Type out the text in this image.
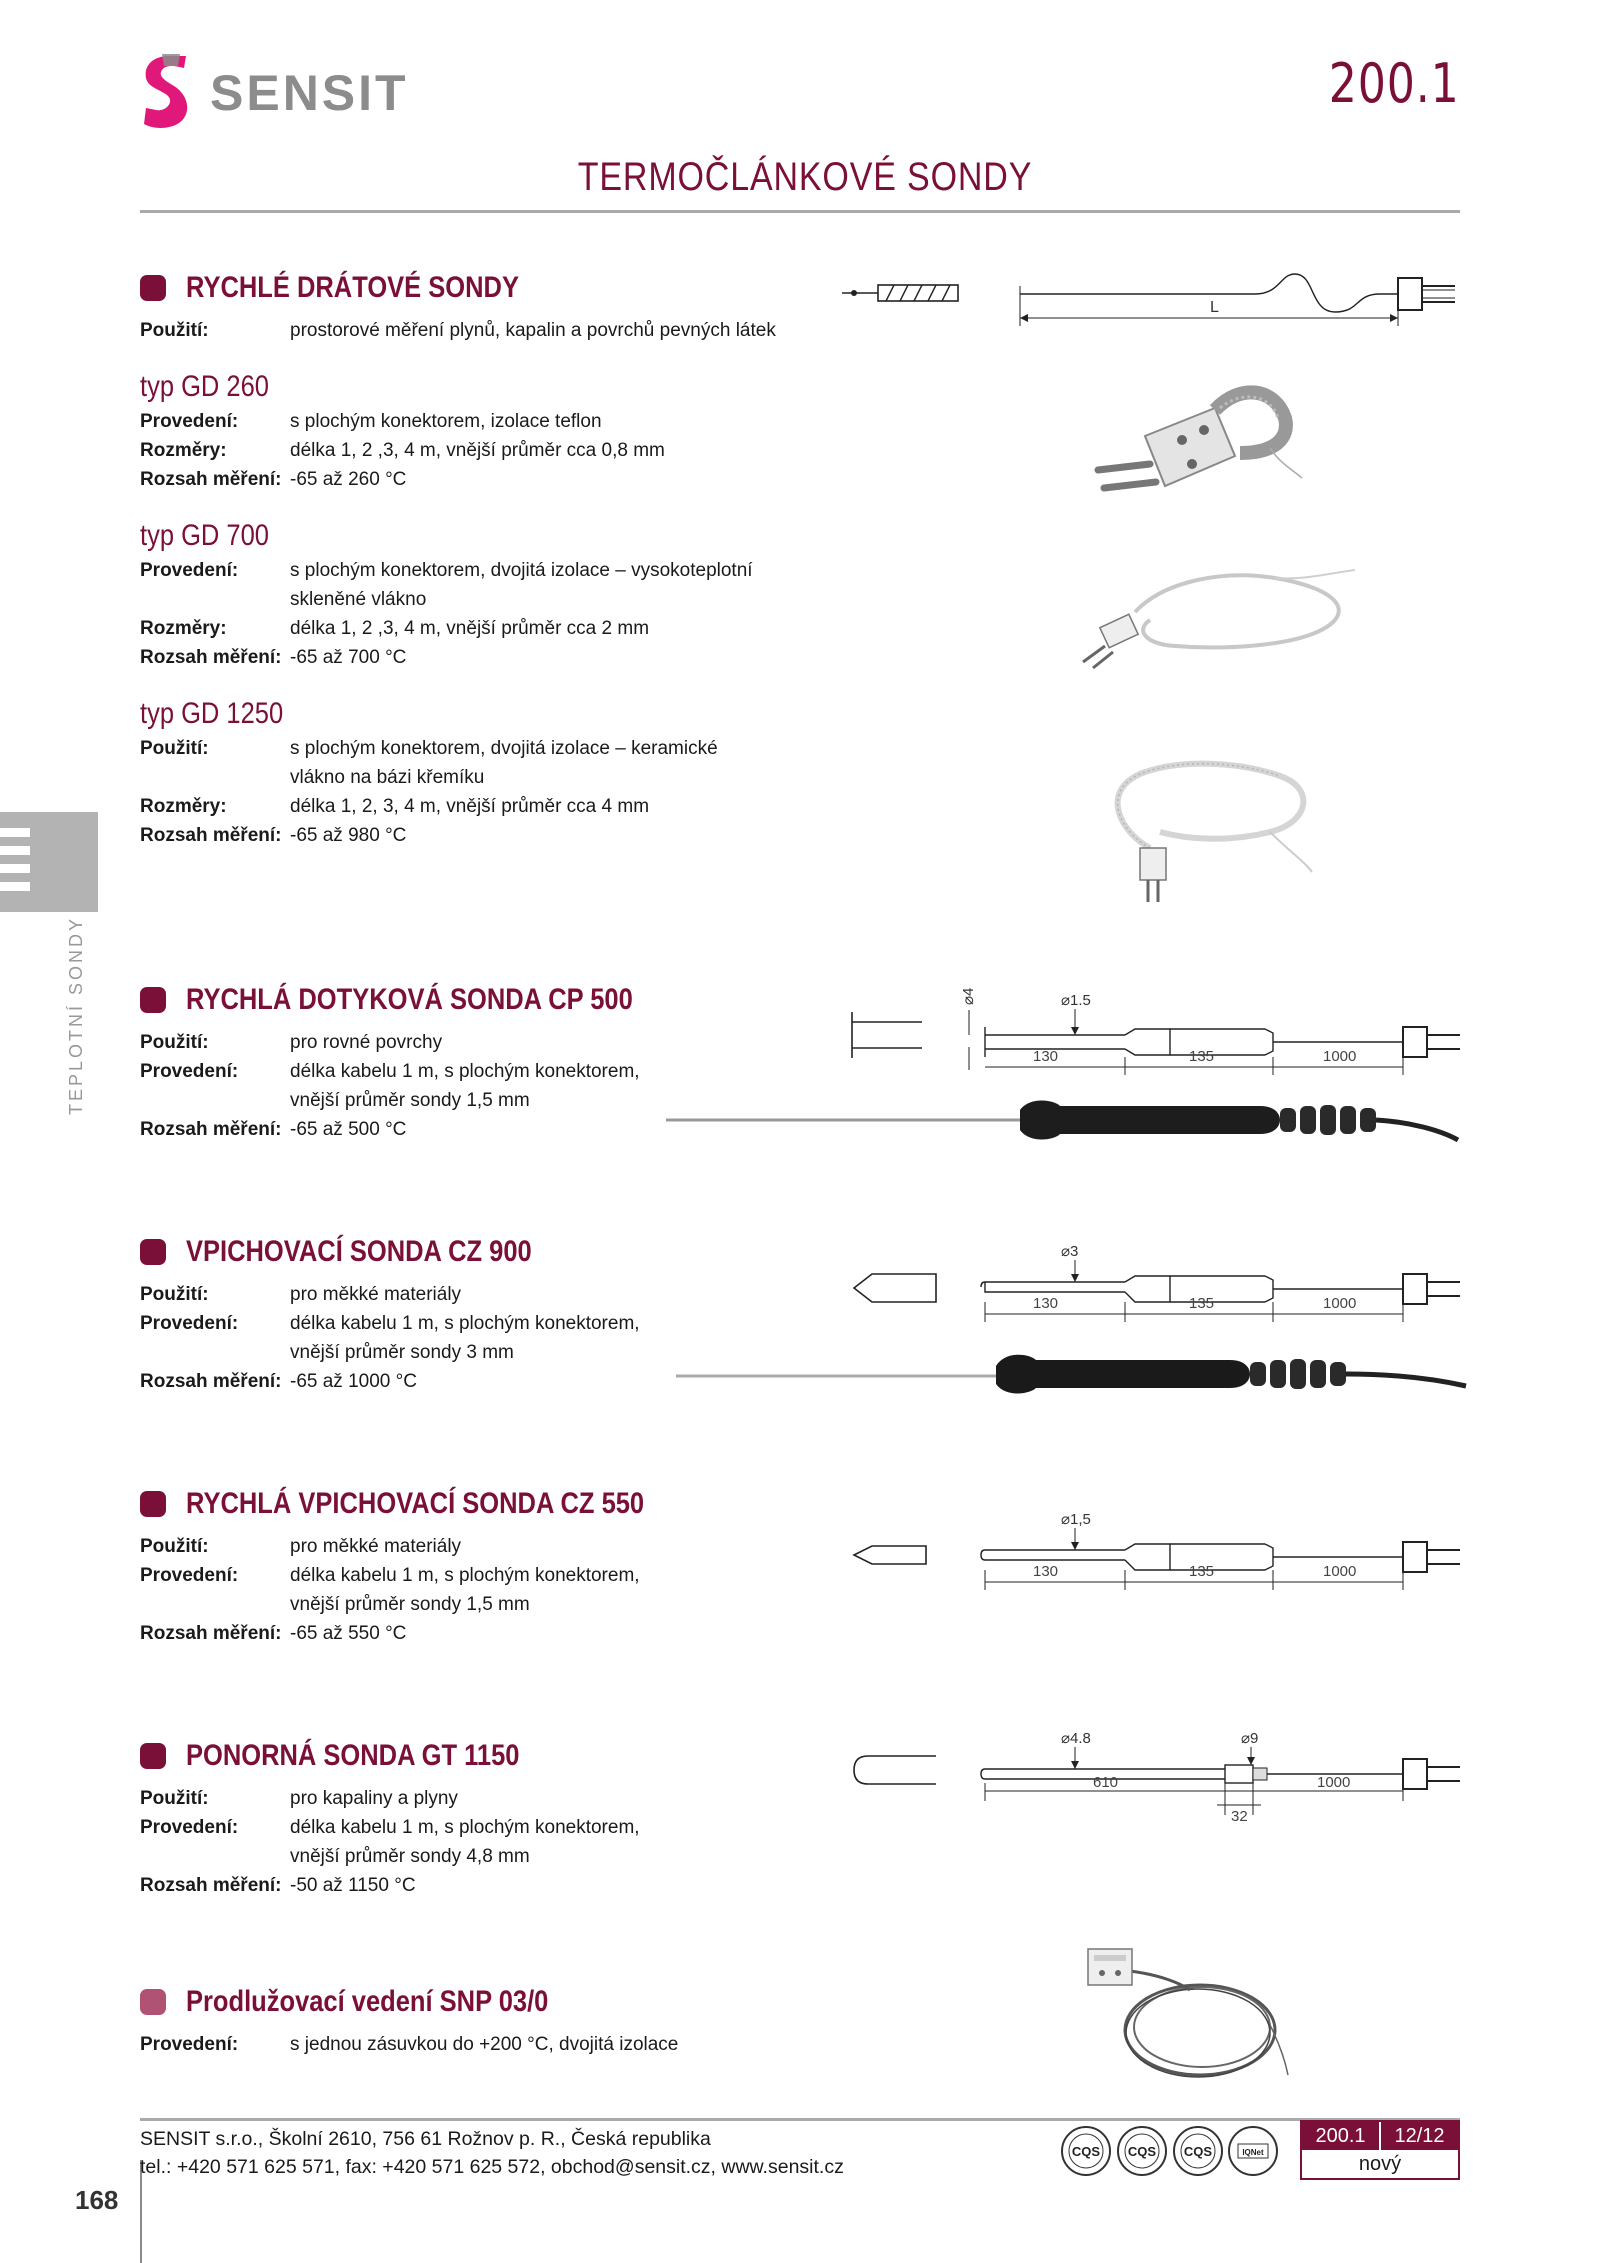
SENSIT	200.1
TERMOČLÁNKOVÉ SONDY
TEPLOTNÍ SONDY
168
RYCHLÉ DRÁTOVÉ SONDY
Použití:	prostorové měření plynů, kapalin a povrchů pevných látek
typ GD 260
Provedení:	s plochým konektorem, izolace teflon
Rozměry:	délka 1, 2 ,3, 4 m, vnější průměr cca 0,8 mm
Rozsah měření: -65 až 260 °C
typ GD 700
Provedení:	s plochým konektorem, dvojitá izolace – vysokoteplotní
skleněné vlákno
Rozměry:	délka 1, 2 ,3, 4 m, vnější průměr cca 2 mm
Rozsah měření: -65 až 700 °C
typ GD 1250
Použití:	s plochým konektorem, dvojitá izolace – keramické
vlákno na bázi křemíku
Rozměry:	délka 1, 2, 3, 4 m, vnější průměr cca 4 mm
Rozsah měření: -65 až 980 °C
L
RYCHLÁ DOTYKOVÁ SONDA CP 500
Použití:	pro rovné povrchy
Provedení:	délka kabelu 1 m, s plochým konektorem,
vnější průměr sondy 1,5 mm
Rozsah měření: -65 až 500 °C
⌀4	⌀1.5
130	135	1000
VPICHOVACÍ SONDA CZ 900
Použití:	pro měkké materiály
Provedení:	délka kabelu 1 m, s plochým konektorem,
vnější průměr sondy 3 mm
Rozsah měření: -65 až 1000 °C
⌀3
130	135	1000
RYCHLÁ VPICHOVACÍ SONDA CZ 550
Použití:	pro měkké materiály
Provedení:	délka kabelu 1 m, s plochým konektorem,
vnější průměr sondy 1,5 mm
Rozsah měření: -65 až 550 °C
⌀1,5
130	135	1000
PONORNÁ SONDA GT 1150
Použití:	pro kapaliny a plyny
Provedení:	délka kabelu 1 m, s plochým konektorem,
vnější průměr sondy 4,8 mm
Rozsah měření: -50 až 1150 °C
⌀4.8	⌀9
610
32
1000
Prodlužovací vedení SNP 03/0
Provedení:	s jednou zásuvkou do +200 °C, dvojitá izolace
SENSIT s.r.o., Školní 2610, 756 61 Rožnov p. R., Česká republika
tel.: +420 571 625 571, fax: +420 571 625 572, obchod@sensit.cz, www.sensit.cz
CQS CQS CQS	IQNet
200.1	12/12
nový
